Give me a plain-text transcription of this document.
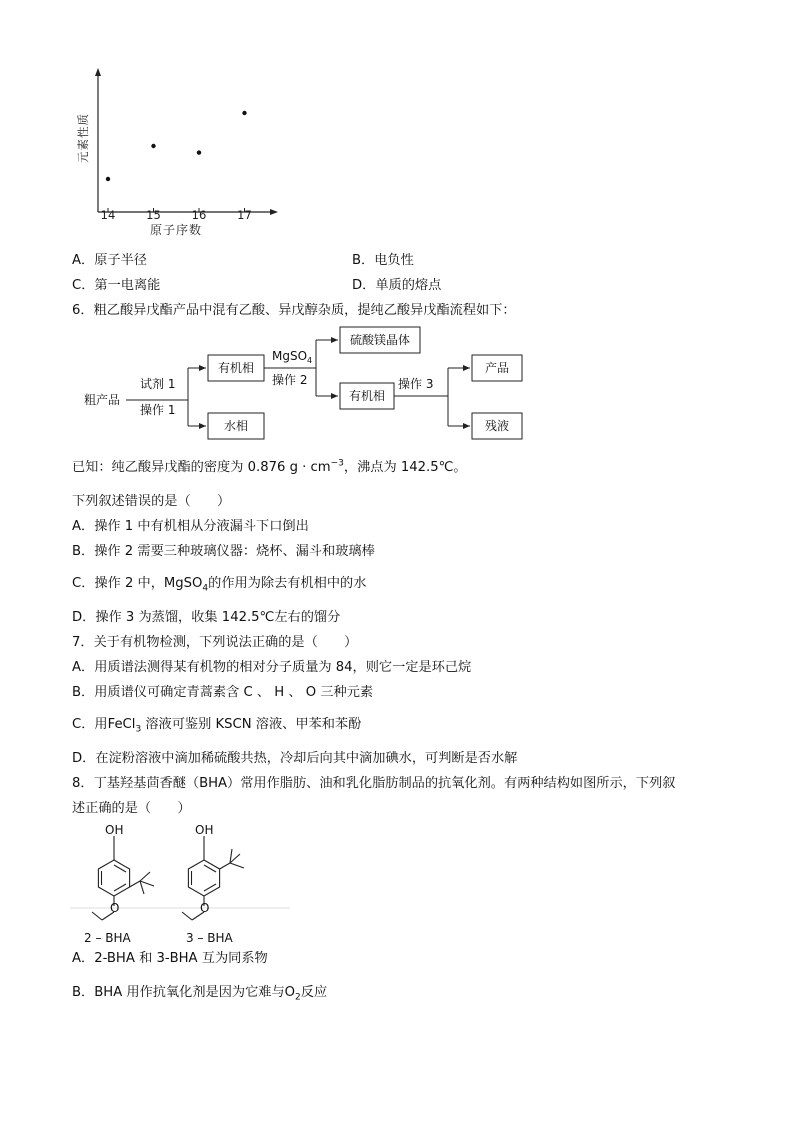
14	15	16	17
元素性质
原子序数
A．原子半径	B．电负性
C．第一电离能	D．单质的熔点
6．粗乙酸异戊酯产品中混有乙酸、异戊醇杂质，提纯乙酸异戊酯流程如下：
粗产品
试剂 1
操作 1
有机相
水相
MgSO$_4$
操作 2
硫酸镁晶体
有机相
操作 3
产品
残液
已知：纯乙酸异戊酯的密度为 0.876 $g \cdot cm^{-3}$，沸点为 142.5℃。
下列叙述错误的是（　　）
A．操作 1 中有机相从分液漏斗下口倒出
B．操作 2 需要三种玻璃仪器：烧杯、漏斗和玻璃棒
C．操作 2 中，MgSO$_4$的作用为除去有机相中的水
D．操作 3 为蒸馏，收集 142.5℃左右的馏分
7．关于有机物检测，下列说法正确的是（　　）
A．用质谱法测得某有机物的相对分子质量为 84，则它一定是环己烷
B．用质谱仪可确定青蒿素含 C 、 H 、 O 三种元素
C．用FeCl$_3$ 溶液可鉴别 KSCN 溶液、甲苯和苯酚
D．在淀粉溶液中滴加稀硫酸共热，冷却后向其中滴加碘水，可判断是否水解
8．丁基羟基茴香醚（BHA）常用作脂肪、油和乳化脂肪制品的抗氧化剂。有两种结构如图所示，下列叙
述正确的是（　　）
OH	OH
O	O
2 – BHA	3 – BHA
A．2-BHA 和 3-BHA 互为同系物
B．BHA 用作抗氧化剂是因为它难与$O_2$反应
